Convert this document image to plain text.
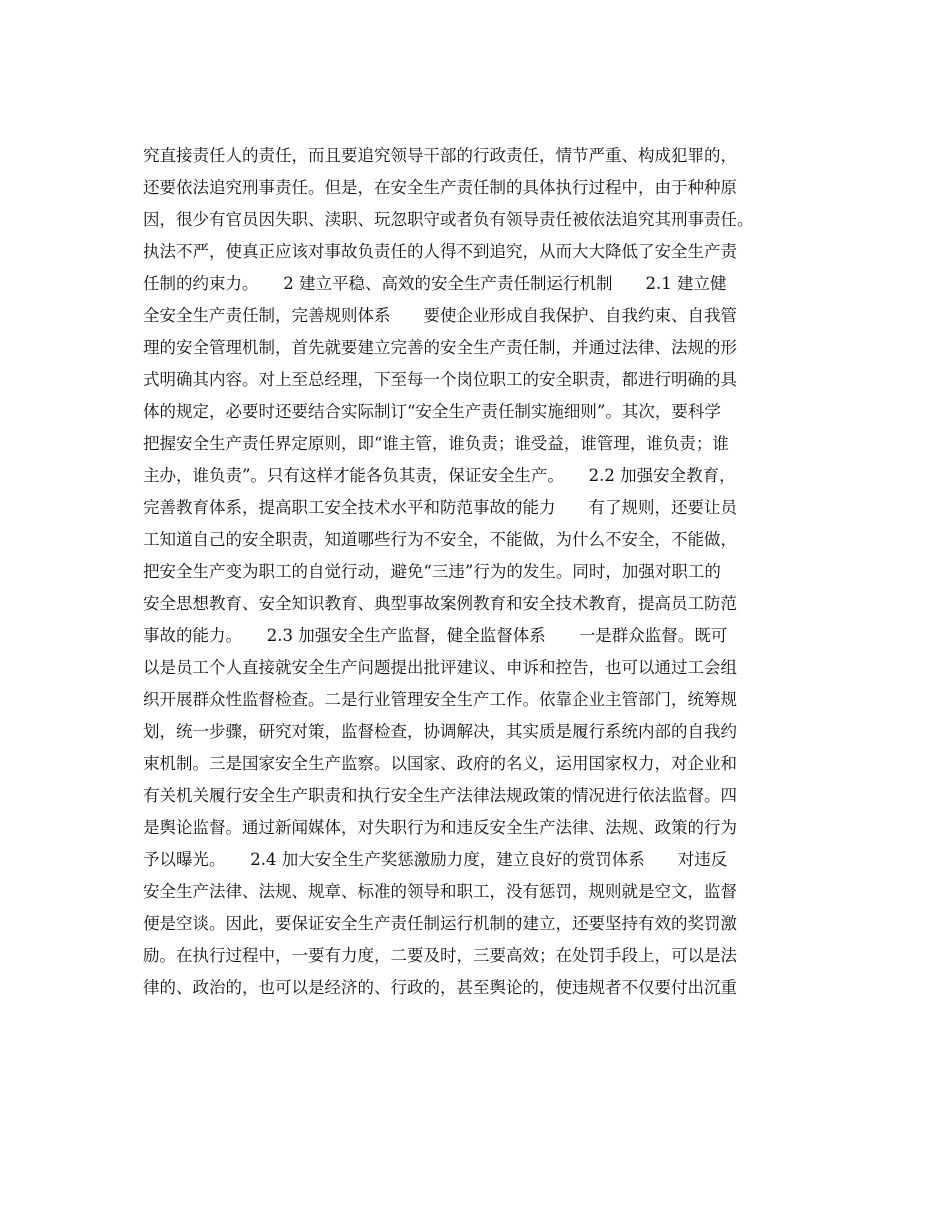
究直接责任人的责任，而且要追究领导干部的行政责任，情节严重、构成犯罪的，
还要依法追究刑事责任。但是，在安全生产责任制的具体执行过程中，由于种种原
因，很少有官员因失职、渎职、玩忽职守或者负有领导责任被依法追究其刑事责任。
执法不严，使真正应该对事故负责任的人得不到追究，从而大大降低了安全生产责
任制的约束力。　　2 建立平稳、高效的安全生产责任制运行机制　　2.1 建立健
全安全生产责任制，完善规则体系　　要使企业形成自我保护、自我约束、自我管
理的安全管理机制，首先就要建立完善的安全生产责任制，并通过法律、法规的形
式明确其内容。对上至总经理，下至每一个岗位职工的安全职责，都进行明确的具
体的规定，必要时还要结合实际制订“安全生产责任制实施细则”。其次，要科学
把握安全生产责任界定原则，即“谁主管，谁负责；谁受益，谁管理，谁负责；谁
主办，谁负责”。只有这样才能各负其责，保证安全生产。　　2.2 加强安全教育，
完善教育体系，提高职工安全技术水平和防范事故的能力　　有了规则，还要让员
工知道自己的安全职责，知道哪些行为不安全，不能做，为什么不安全，不能做，
把安全生产变为职工的自觉行动，避免“三违”行为的发生。同时，加强对职工的
安全思想教育、安全知识教育、典型事故案例教育和安全技术教育，提高员工防范
事故的能力。　　2.3 加强安全生产监督，健全监督体系　　一是群众监督。既可
以是员工个人直接就安全生产问题提出批评建议、申诉和控告，也可以通过工会组
织开展群众性监督检查。二是行业管理安全生产工作。依靠企业主管部门，统筹规
划，统一步骤，研究对策，监督检查，协调解决，其实质是履行系统内部的自我约
束机制。三是国家安全生产监察。以国家、政府的名义，运用国家权力，对企业和
有关机关履行安全生产职责和执行安全生产法律法规政策的情况进行依法监督。四
是舆论监督。通过新闻媒体，对失职行为和违反安全生产法律、法规、政策的行为
予以曝光。　　2.4 加大安全生产奖惩激励力度，建立良好的赏罚体系　　对违反
安全生产法律、法规、规章、标准的领导和职工，没有惩罚，规则就是空文，监督
便是空谈。因此，要保证安全生产责任制运行机制的建立，还要坚持有效的奖罚激
励。在执行过程中，一要有力度，二要及时，三要高效；在处罚手段上，可以是法
律的、政治的，也可以是经济的、行政的，甚至舆论的，使违规者不仅要付出沉重
